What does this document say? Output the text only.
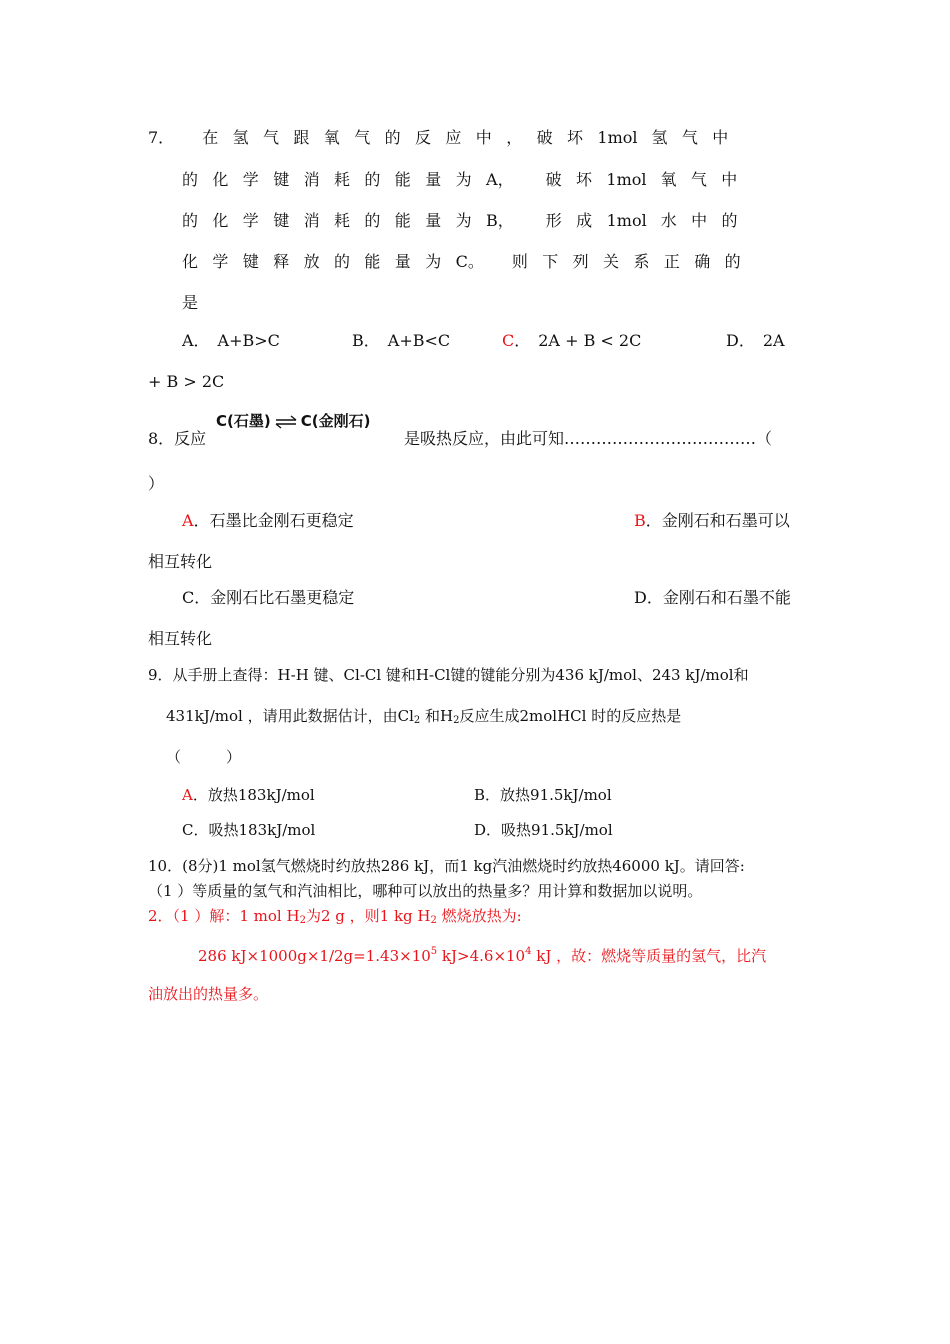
7． 在氢气跟氧气的反应中，破坏1mol 氢气中
的化学键消耗的能量为A， 破坏1mol 氧气中
的化学键消耗的能量为B， 形成1mol 水中的
化学键释放的能量为C。 则下列关系正确的
是
A．　A+B>C	B．　A+B<C	C．　2A + B < 2C	D．　2A
+ B > 2C
8．反应
C(石墨) ⇌ C(金刚石)
是吸热反应，由此可知………………………………（
）
A．石墨比金刚石更稳定	B．金刚石和石墨可以
相互转化
C．金刚石比石墨更稳定	D．金刚石和石墨不能
相互转化
9．从手册上查得：H-H 键、Cl-Cl 键和H-Cl键的键能分别为436 kJ/mol、243 kJ/mol和
431kJ/mol ，请用此数据估计，由$Cl_2$ 和$H_2$反应生成2molHCl 时的反应热是
（　　　）
A．放热183kJ/mol	B．放热91.5kJ/mol
C．吸热183kJ/mol	D．吸热91.5kJ/mol
10．(8分)1 mol氢气燃烧时约放热286 kJ，而1 kg汽油燃烧时约放热46000 kJ。请回答:
（1 ）等质量的氢气和汽油相比，哪种可以放出的热量多？用计算和数据加以说明。
2．（1 ）解：1 mol $H_2$为2 g ，则1 kg $H_2$ 燃烧放热为:
286 $kJ\times 1000g\times 1/2g=1.43\times 10^5$ $kJ>4.6\times 10^4$ kJ ，故：燃烧等质量的氢气，比汽
油放出的热量多。
